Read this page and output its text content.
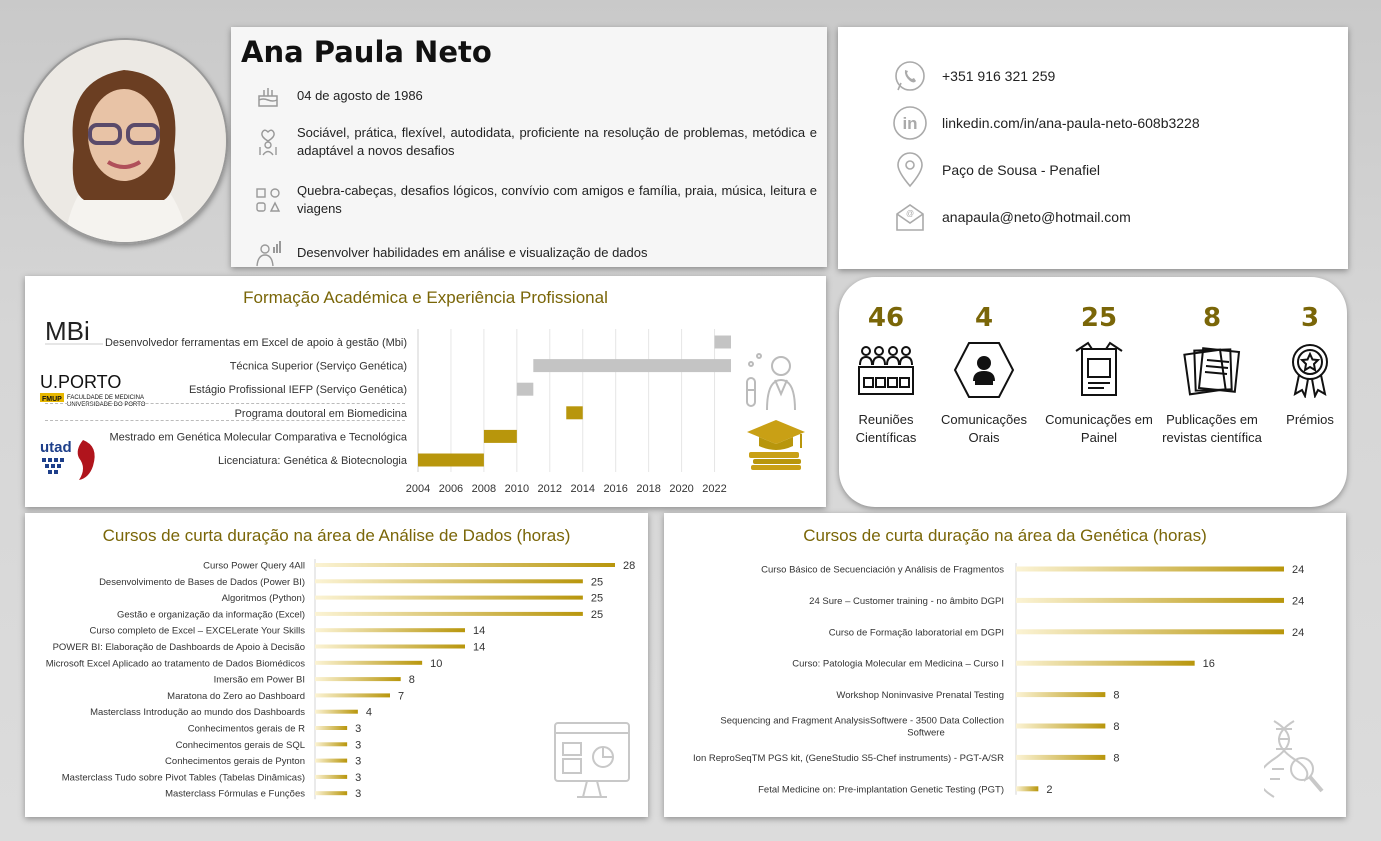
Ana Paula Neto
04 de agosto de 1986
Sociável, prática, flexível, autodidata, proficiente na resolução de problemas, metódica e adaptável a novos desafios
Quebra-cabeças, desafios lógicos, convívio com amigos e família, praia, música, leitura e viagens
Desenvolver habilidades em análise e visualização de dados
+351 916 321 259
in linkedin.com/in/ana-paula-neto-608b3228
Paço de Sousa - Penafiel
@ anapaula@neto@hotmail.com
46
Reuniões Científicas
4
Comunicações Orais
25
Comunicações em Painel
8
Publicações em revistas científica
3
Prémios
Formação Académica e Experiência Profissional
MBi
U.PORTO
FMUP FACULDADE DE MEDICINA
UNIVERSIDADE DO PORTO
utad
2004 2006 2008 2010 2012 2014 2016 2018 2020 2022
Desenvolvedor ferramentas em Excel de apoio à gestão (Mbi)
Técnica Superior (Serviço Genética)
Estágio Profissional IEFP (Serviço Genética)
Programa doutoral em Biomedicina
Mestrado em Genética Molecular Comparativa e Tecnológica
Licenciatura: Genética & Biotecnologia
Cursos de curta duração na área de Análise de Dados (horas)
Curso Power Query 4All	28
Desenvolvimento de Bases de Dados (Power BI)	25
Algoritmos (Python)	25
Gestão e organização da informação (Excel)	25
Curso completo de Excel – EXCELerate Your Skills	14
POWER BI: Elaboração de Dashboards de Apoio à Decisão	14
Microsoft Excel Aplicado ao tratamento de Dados Biomédicos	10
Imersão em Power BI	8
Maratona do Zero ao Dashboard	7
Masterclass Introdução ao mundo dos Dashboards	4
Conhecimentos gerais de R	3
Conhecimentos gerais de SQL	3
Conhecimentos gerais de Pynton	3
Masterclass Tudo sobre Pivot Tables (Tabelas Dinâmicas)	3
Masterclass Fórmulas e Funções	3
Cursos de curta duração na área da Genética (horas)
Curso Básico de Secuenciación y Análisis de Fragmentos	24
24 Sure – Customer training - no âmbito DGPI	24
Curso de Formação laboratorial em DGPI	24
Curso: Patologia Molecular em Medicina – Curso I	16
Workshop Noninvasive Prenatal Testing	8
Sequencing and Fragment AnalysisSoftwere - 3500 Data Collection
Softwere	8
Ion ReproSeqTM PGS kit, (GeneStudio S5-Chef instruments) - PGT-A/SR	8
Fetal Medicine on: Pre-implantation Genetic Testing (PGT)	2
